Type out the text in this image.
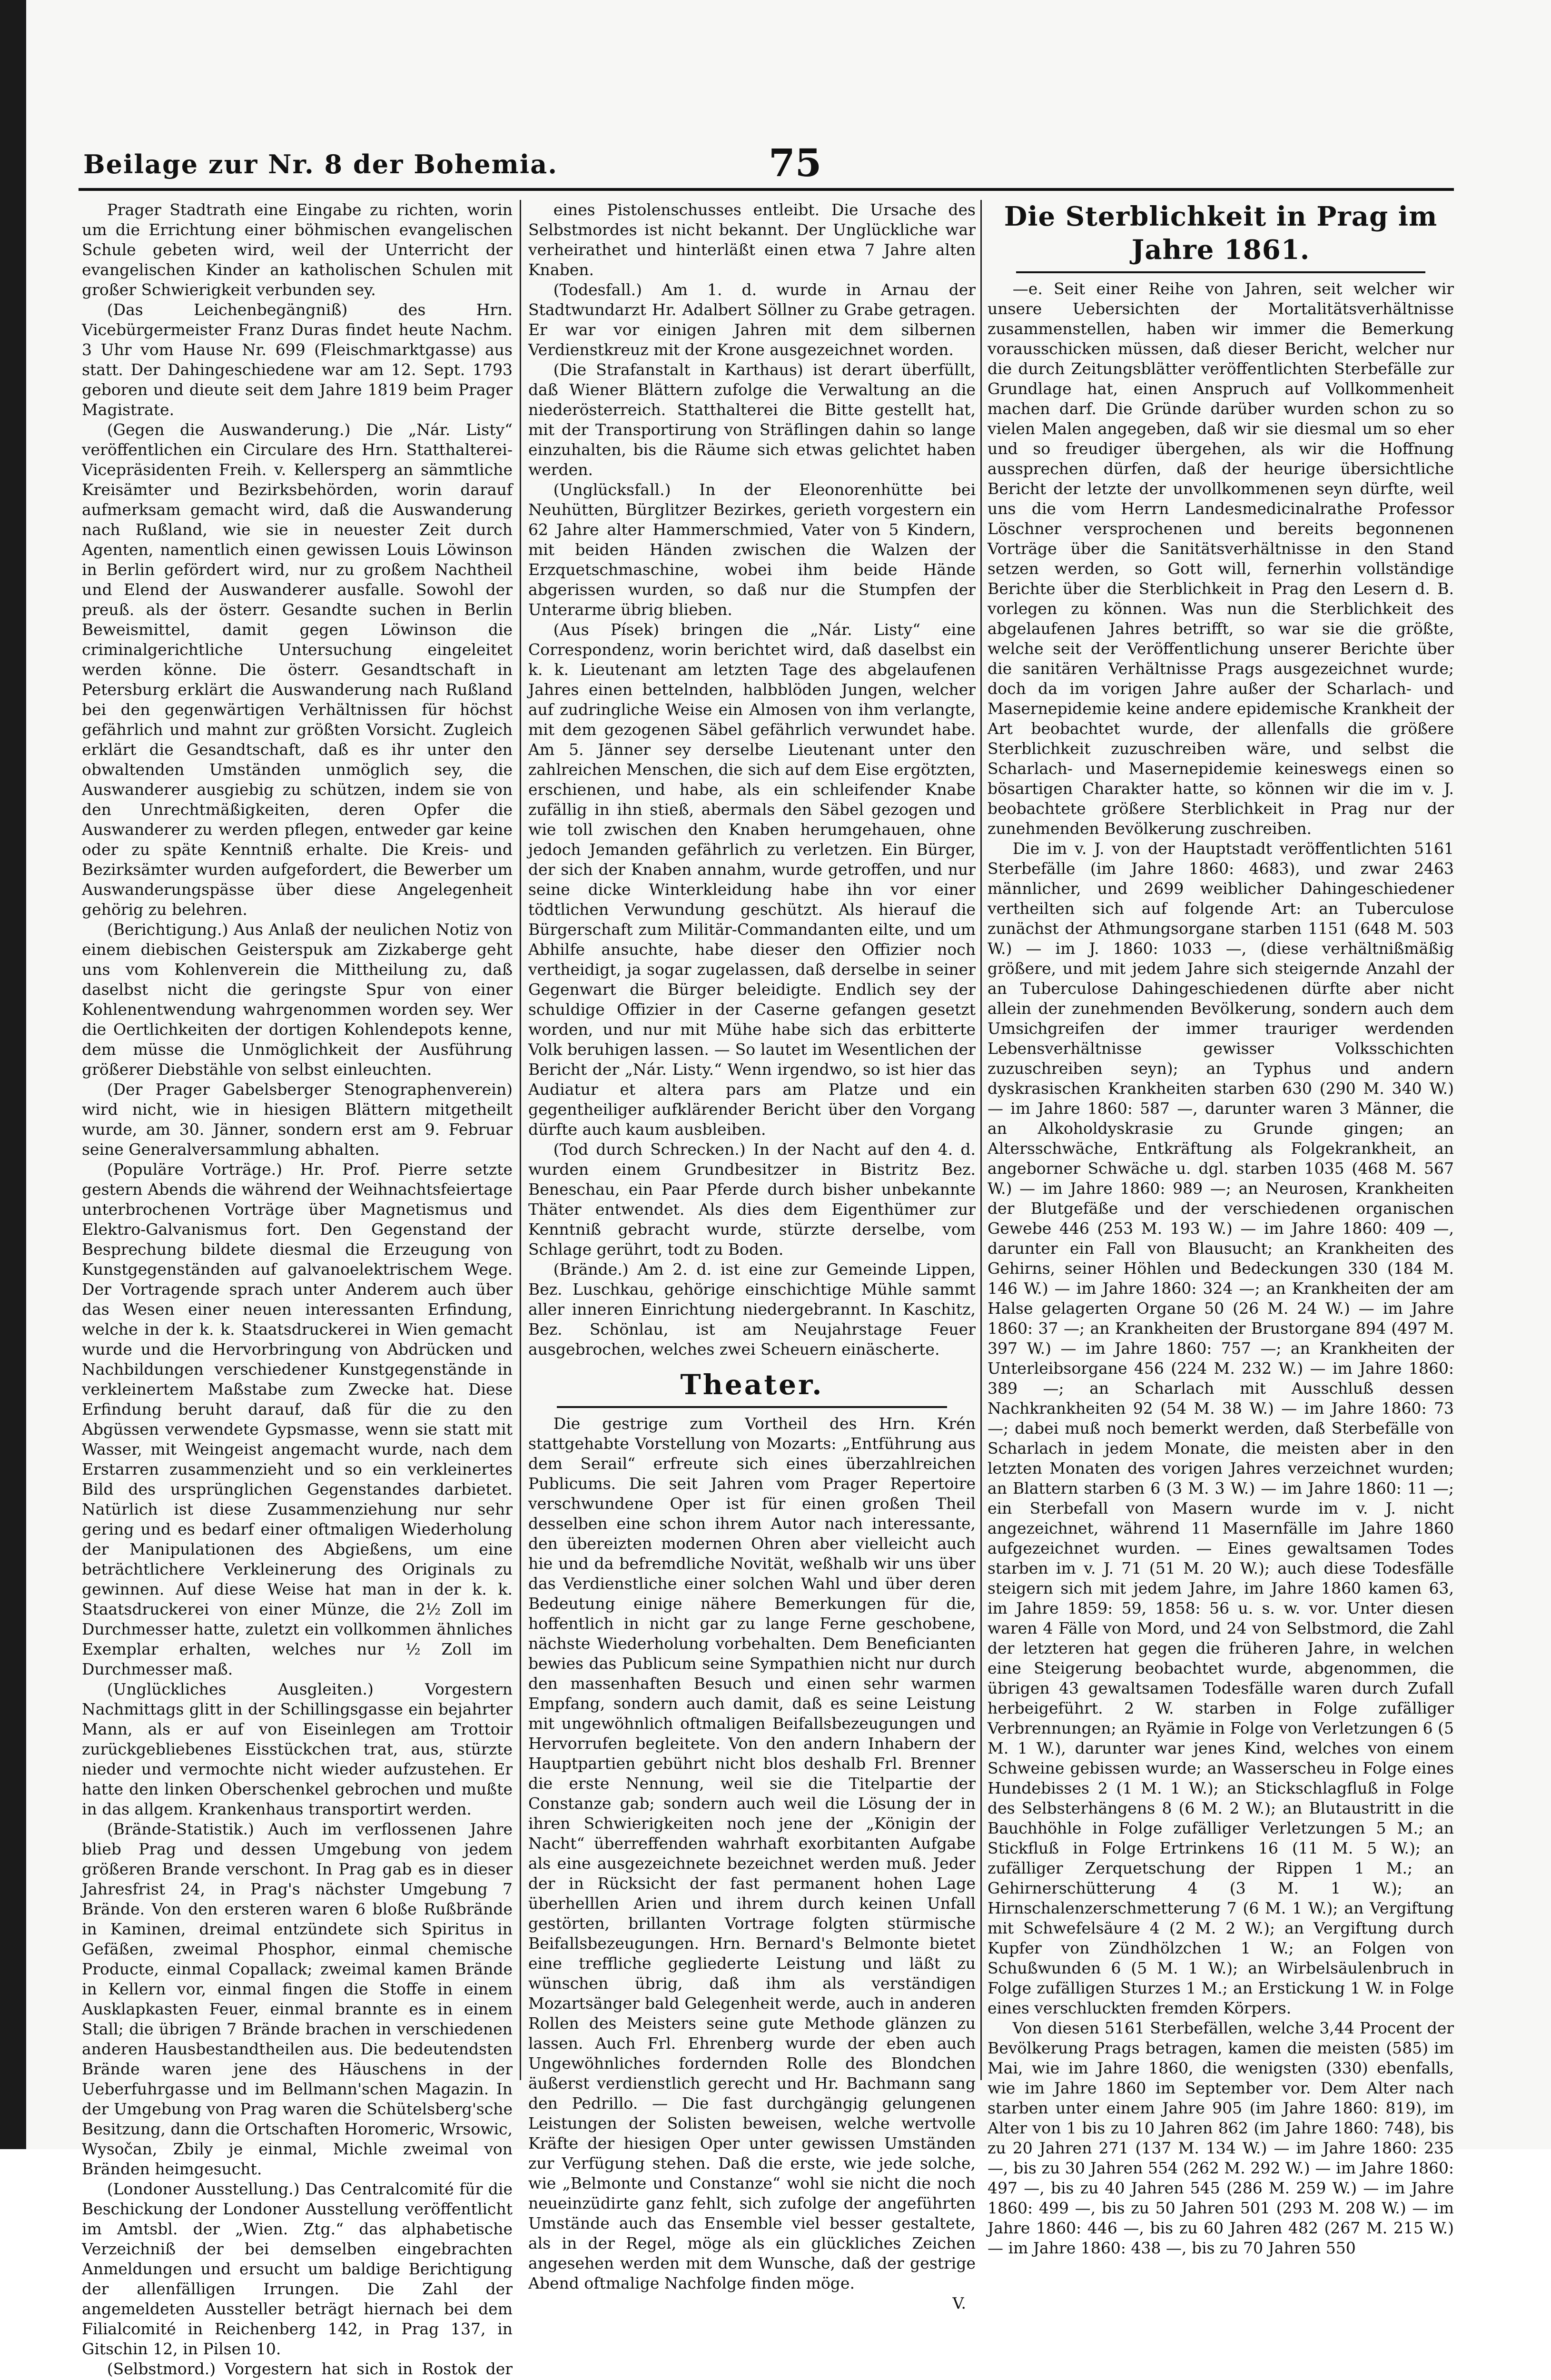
Beilage zur Nr. 8 der Bohemia.	75

Prager Stadtrath eine Eingabe zu richten, worin um die Errichtung einer böhmischen evangelischen Schule gebeten wird, weil der Unterricht der evangelischen Kinder an katholischen Schulen mit großer Schwierigkeit verbunden sey.

(Das Leichenbegängniß) des Hrn. Vicebürgermeister Franz Duras findet heute Nachm. 3 Uhr vom Hause Nr. 699 (Fleischmarktgasse) aus statt. Der Dahingeschiedene war am 12. Sept. 1793 geboren und dieute seit dem Jahre 1819 beim Prager Magistrate.

(Gegen die Auswanderung.) Die „Nár. Listy“ veröffentlichen ein Circulare des Hrn. Statthalterei-Vicepräsidenten Freih. v. Kellersperg an sämmtliche Kreisämter und Bezirksbehörden, worin darauf aufmerksam gemacht wird, daß die Auswanderung nach Rußland, wie sie in neuester Zeit durch Agenten, namentlich einen gewissen Louis Löwinson in Berlin gefördert wird, nur zu großem Nachtheil und Elend der Auswanderer ausfalle. Sowohl der preuß. als der österr. Gesandte suchen in Berlin Beweismittel, damit gegen Löwinson die criminalgerichtliche Untersuchung eingeleitet werden könne. Die österr. Gesandtschaft in Petersburg erklärt die Auswanderung nach Rußland bei den gegenwärtigen Verhältnissen für höchst gefährlich und mahnt zur größten Vorsicht. Zugleich erklärt die Gesandtschaft, daß es ihr unter den obwaltenden Umständen unmöglich sey, die Auswanderer ausgiebig zu schützen, indem sie von den Unrechtmäßigkeiten, deren Opfer die Auswanderer zu werden pflegen, entweder gar keine oder zu späte Kenntniß erhalte. Die Kreis- und Bezirksämter wurden aufgefordert, die Bewerber um Auswanderungspässe über diese Angelegenheit gehörig zu belehren.

(Berichtigung.) Aus Anlaß der neulichen Notiz von einem diebischen Geisterspuk am Zizkaberge geht uns vom Kohlenverein die Mittheilung zu, daß daselbst nicht die geringste Spur von einer Kohlenentwendung wahrgenommen worden sey. Wer die Oertlichkeiten der dortigen Kohlendepots kenne, dem müsse die Unmöglichkeit der Ausführung größerer Diebstähle von selbst einleuchten.

(Der Prager Gabelsberger Stenographenverein) wird nicht, wie in hiesigen Blättern mitgetheilt wurde, am 30. Jänner, sondern erst am 9. Februar seine Generalversammlung abhalten.

(Populäre Vorträge.) Hr. Prof. Pierre setzte gestern Abends die während der Weihnachtsfeiertage unterbrochenen Vorträge über Magnetismus und Elektro-Galvanismus fort. Den Gegenstand der Besprechung bildete diesmal die Erzeugung von Kunstgegenständen auf galvanoelektrischem Wege. Der Vortragende sprach unter Anderem auch über das Wesen einer neuen interessanten Erfindung, welche in der k. k. Staatsdruckerei in Wien gemacht wurde und die Hervorbringung von Abdrücken und Nachbildungen verschiedener Kunstgegenstände in verkleinertem Maßstabe zum Zwecke hat. Diese Erfindung beruht darauf, daß für die zu den Abgüssen verwendete Gypsmasse, wenn sie statt mit Wasser, mit Weingeist angemacht wurde, nach dem Erstarren zusammenzieht und so ein verkleinertes Bild des ursprünglichen Gegenstandes darbietet. Natürlich ist diese Zusammenziehung nur sehr gering und es bedarf einer oftmaligen Wiederholung der Manipulationen des Abgießens, um eine beträchtlichere Verkleinerung des Originals zu gewinnen. Auf diese Weise hat man in der k. k. Staatsdruckerei von einer Münze, die 2½ Zoll im Durchmesser hatte, zuletzt ein vollkommen ähnliches Exemplar erhalten, welches nur ½ Zoll im Durchmesser maß.

(Unglückliches Ausgleiten.) Vorgestern Nachmittags glitt in der Schillingsgasse ein bejahrter Mann, als er auf von Eiseinlegen am Trottoir zurückgebliebenes Eisstückchen trat, aus, stürzte nieder und vermochte nicht wieder aufzustehen. Er hatte den linken Oberschenkel gebrochen und mußte in das allgem. Krankenhaus transportirt werden.

(Brände-Statistik.) Auch im verflossenen Jahre blieb Prag und dessen Umgebung von jedem größeren Brande verschont. In Prag gab es in dieser Jahresfrist 24, in Prag's nächster Umgebung 7 Brände. Von den ersteren waren 6 bloße Rußbrände in Kaminen, dreimal entzündete sich Spiritus in Gefäßen, zweimal Phosphor, einmal chemische Producte, einmal Copallack; zweimal kamen Brände in Kellern vor, einmal fingen die Stoffe in einem Ausklapkasten Feuer, einmal brannte es in einem Stall; die übrigen 7 Brände brachen in verschiedenen anderen Hausbestandtheilen aus. Die bedeutendsten Brände waren jene des Häuschens in der Ueberfuhrgasse und im Bellmann'schen Magazin. In der Umgebung von Prag waren die Schütelsberg'sche Besitzung, dann die Ortschaften Horomeric, Wrsowic, Wysočan, Zbily je einmal, Michle zweimal von Bränden heimgesucht.

(Londoner Ausstellung.) Das Centralcomité für die Beschickung der Londoner Ausstellung veröffentlicht im Amtsbl. der „Wien. Ztg.“ das alphabetische Verzeichniß der bei demselben eingebrachten Anmeldungen und ersucht um baldige Berichtigung der allenfälligen Irrungen. Die Zahl der angemeldeten Aussteller beträgt hiernach bei dem Filialcomité in Reichenberg 142, in Prag 137, in Gitschin 12, in Pilsen 10.

(Selbstmord.) Vorgestern hat sich in Rostok der

eines Pistolenschusses entleibt. Die Ursache des Selbstmordes ist nicht bekannt. Der Unglückliche war verheirathet und hinterläßt einen etwa 7 Jahre alten Knaben.

(Todesfall.) Am 1. d. wurde in Arnau der Stadtwundarzt Hr. Adalbert Söllner zu Grabe getragen. Er war vor einigen Jahren mit dem silbernen Verdienstkreuz mit der Krone ausgezeichnet worden.

(Die Strafanstalt in Karthaus) ist derart überfüllt, daß Wiener Blättern zufolge die Verwaltung an die niederösterreich. Statthalterei die Bitte gestellt hat, mit der Transportirung von Sträflingen dahin so lange einzuhalten, bis die Räume sich etwas gelichtet haben werden.

(Unglücksfall.) In der Eleonorenhütte bei Neuhütten, Bürglitzer Bezirkes, gerieth vorgestern ein 62 Jahre alter Hammerschmied, Vater von 5 Kindern, mit beiden Händen zwischen die Walzen der Erzquetschmaschine, wobei ihm beide Hände abgerissen wurden, so daß nur die Stumpfen der Unterarme übrig blieben.

(Aus Písek) bringen die „Nár. Listy“ eine Correspondenz, worin berichtet wird, daß daselbst ein k. k. Lieutenant am letzten Tage des abgelaufenen Jahres einen bettelnden, halbblöden Jungen, welcher auf zudringliche Weise ein Almosen von ihm verlangte, mit dem gezogenen Säbel gefährlich verwundet habe. Am 5. Jänner sey derselbe Lieutenant unter den zahlreichen Menschen, die sich auf dem Eise ergötzten, erschienen, und habe, als ein schleifender Knabe zufällig in ihn stieß, abermals den Säbel gezogen und wie toll zwischen den Knaben herumgehauen, ohne jedoch Jemanden gefährlich zu verletzen. Ein Bürger, der sich der Knaben annahm, wurde getroffen, und nur seine dicke Winterkleidung habe ihn vor einer tödtlichen Verwundung geschützt. Als hierauf die Bürgerschaft zum Militär-Commandanten eilte, und um Abhilfe ansuchte, habe dieser den Offizier noch vertheidigt, ja sogar zugelassen, daß derselbe in seiner Gegenwart die Bürger beleidigte. Endlich sey der schuldige Offizier in der Caserne gefangen gesetzt worden, und nur mit Mühe habe sich das erbitterte Volk beruhigen lassen. — So lautet im Wesentlichen der Bericht der „Nár. Listy.“ Wenn irgendwo, so ist hier das Audiatur et altera pars am Platze und ein gegentheiliger aufklärender Bericht über den Vorgang dürfte auch kaum ausbleiben.

(Tod durch Schrecken.) In der Nacht auf den 4. d. wurden einem Grundbesitzer in Bistritz Bez. Beneschau, ein Paar Pferde durch bisher unbekannte Thäter entwendet. Als dies dem Eigenthümer zur Kenntniß gebracht wurde, stürzte derselbe, vom Schlage gerührt, todt zu Boden.

(Brände.) Am 2. d. ist eine zur Gemeinde Lippen, Bez. Luschkau, gehörige einschichtige Mühle sammt aller inneren Einrichtung niedergebrannt. In Kaschitz, Bez. Schönlau, ist am Neujahrstage Feuer ausgebrochen, welches zwei Scheuern einäscherte.

Theater.

Die gestrige zum Vortheil des Hrn. Krén stattgehabte Vorstellung von Mozarts: „Entführung aus dem Serail“ erfreute sich eines überzahlreichen Publicums. Die seit Jahren vom Prager Repertoire verschwundene Oper ist für einen großen Theil desselben eine schon ihrem Autor nach interessante, den übereizten modernen Ohren aber vielleicht auch hie und da befremdliche Novität, weßhalb wir uns über das Verdienstliche einer solchen Wahl und über deren Bedeutung einige nähere Bemerkungen für die, hoffentlich in nicht gar zu lange Ferne geschobene, nächste Wiederholung vorbehalten. Dem Beneficianten bewies das Publicum seine Sympathien nicht nur durch den massenhaften Besuch und einen sehr warmen Empfang, sondern auch damit, daß es seine Leistung mit ungewöhnlich oftmaligen Beifallsbezeugungen und Hervorrufen begleitete. Von den andern Inhabern der Hauptpartien gebührt nicht blos deshalb Frl. Brenner die erste Nennung, weil sie die Titelpartie der Constanze gab; sondern auch weil die Lösung der in ihren Schwierigkeiten noch jene der „Königin der Nacht“ überreffenden wahrhaft exorbitanten Aufgabe als eine ausgezeichnete bezeichnet werden muß. Jeder der in Rücksicht der fast permanent hohen Lage überhelllen Arien und ihrem durch keinen Unfall gestörten, brillanten Vortrage folgten stürmische Beifallsbezeugungen. Hrn. Bernard's Belmonte bietet eine treffliche gegliederte Leistung und läßt zu wünschen übrig, daß ihm als verständigen Mozartsänger bald Gelegenheit werde, auch in anderen Rollen des Meisters seine gute Methode glänzen zu lassen. Auch Frl. Ehrenberg wurde der eben auch Ungewöhnliches fordernden Rolle des Blondchen äußerst verdienstlich gerecht und Hr. Bachmann sang den Pedrillo. — Die fast durchgängig gelungenen Leistungen der Solisten beweisen, welche wertvolle Kräfte der hiesigen Oper unter gewissen Umständen zur Verfügung stehen. Daß die erste, wie jede solche, wie „Belmonte und Constanze“ wohl sie nicht die noch neueinzüdirte ganz fehlt, sich zufolge der angeführten Umstände auch das Ensemble viel besser gestaltete, als in der Regel, möge als ein glückliches Zeichen angesehen werden mit dem Wunsche, daß der gestrige Abend oftmalige Nachfolge finden möge.

V.
Die Sterblichkeit in Prag im Jahre 1861.

—e. Seit einer Reihe von Jahren, seit welcher wir unsere Uebersichten der Mortalitätsverhältnisse zusammenstellen, haben wir immer die Bemerkung vorausschicken müssen, daß dieser Bericht, welcher nur die durch Zeitungsblätter veröffentlichten Sterbefälle zur Grundlage hat, einen Anspruch auf Vollkommenheit machen darf. Die Gründe darüber wurden schon zu so vielen Malen angegeben, daß wir sie diesmal um so eher und so freudiger übergehen, als wir die Hoffnung aussprechen dürfen, daß der heurige übersichtliche Bericht der letzte der unvollkommenen seyn dürfte, weil uns die vom Herrn Landesmedicinalrathe Professor Löschner versprochenen und bereits begonnenen Vorträge über die Sanitätsverhältnisse in den Stand setzen werden, so Gott will, fernerhin vollständige Berichte über die Sterblichkeit in Prag den Lesern d. B. vorlegen zu können. Was nun die Sterblichkeit des abgelaufenen Jahres betrifft, so war sie die größte, welche seit der Veröffentlichung unserer Berichte über die sanitären Verhältnisse Prags ausgezeichnet wurde; doch da im vorigen Jahre außer der Scharlach- und Masernepidemie keine andere epidemische Krankheit der Art beobachtet wurde, der allenfalls die größere Sterblichkeit zuzuschreiben wäre, und selbst die Scharlach- und Masernepidemie keineswegs einen so bösartigen Charakter hatte, so können wir die im v. J. beobachtete größere Sterblichkeit in Prag nur der zunehmenden Bevölkerung zuschreiben.

Die im v. J. von der Hauptstadt veröffentlichten 5161 Sterbefälle (im Jahre 1860: 4683), und zwar 2463 männlicher, und 2699 weiblicher Dahingeschiedener vertheilten sich auf folgende Art: an Tuberculose zunächst der Athmungsorgane starben 1151 (648 M. 503 W.) — im J. 1860: 1033 —, (diese verhältnißmäßig größere, und mit jedem Jahre sich steigernde Anzahl der an Tuberculose Dahingeschiedenen dürfte aber nicht allein der zunehmenden Bevölkerung, sondern auch dem Umsichgreifen der immer trauriger werdenden Lebensverhältnisse gewisser Volksschichten zuzuschreiben seyn); an Typhus und andern dyskrasischen Krankheiten starben 630 (290 M. 340 W.) — im Jahre 1860: 587 —, darunter waren 3 Männer, die an Alkoholdyskrasie zu Grunde gingen; an Altersschwäche, Entkräftung als Folgekrankheit, an angeborner Schwäche u. dgl. starben 1035 (468 M. 567 W.) — im Jahre 1860: 989 —; an Neurosen, Krankheiten der Blutgefäße und der verschiedenen organischen Gewebe 446 (253 M. 193 W.) — im Jahre 1860: 409 —, darunter ein Fall von Blausucht; an Krankheiten des Gehirns, seiner Höhlen und Bedeckungen 330 (184 M. 146 W.) — im Jahre 1860: 324 —; an Krankheiten der am Halse gelagerten Organe 50 (26 M. 24 W.) — im Jahre 1860: 37 —; an Krankheiten der Brustorgane 894 (497 M. 397 W.) — im Jahre 1860: 757 —; an Krankheiten der Unterleibsorgane 456 (224 M. 232 W.) — im Jahre 1860: 389 —; an Scharlach mit Ausschluß dessen Nachkrankheiten 92 (54 M. 38 W.) — im Jahre 1860: 73 —; dabei muß noch bemerkt werden, daß Sterbefälle von Scharlach in jedem Monate, die meisten aber in den letzten Monaten des vorigen Jahres verzeichnet wurden; an Blattern starben 6 (3 M. 3 W.) — im Jahre 1860: 11 —; ein Sterbefall von Masern wurde im v. J. nicht angezeichnet, während 11 Masernfälle im Jahre 1860 aufgezeichnet wurden. — Eines gewaltsamen Todes starben im v. J. 71 (51 M. 20 W.); auch diese Todesfälle steigern sich mit jedem Jahre, im Jahre 1860 kamen 63, im Jahre 1859: 59, 1858: 56 u. s. w. vor. Unter diesen waren 4 Fälle von Mord, und 24 von Selbstmord, die Zahl der letzteren hat gegen die früheren Jahre, in welchen eine Steigerung beobachtet wurde, abgenommen, die übrigen 43 gewaltsamen Todesfälle waren durch Zufall herbeigeführt. 2 W. starben in Folge zufälliger Verbrennungen; an Ryämie in Folge von Verletzungen 6 (5 M. 1 W.), darunter war jenes Kind, welches von einem Schweine gebissen wurde; an Wasserscheu in Folge eines Hundebisses 2 (1 M. 1 W.); an Stickschlagfluß in Folge des Selbsterhängens 8 (6 M. 2 W.); an Blutaustritt in die Bauchhöhle in Folge zufälliger Verletzungen 5 M.; an Stickfluß in Folge Ertrinkens 16 (11 M. 5 W.); an zufälliger Zerquetschung der Rippen 1 M.; an Gehirnerschütterung 4 (3 M. 1 W.); an Hirnschalenzerschmetterung 7 (6 M. 1 W.); an Vergiftung mit Schwefelsäure 4 (2 M. 2 W.); an Vergiftung durch Kupfer von Zündhölzchen 1 W.; an Folgen von Schußwunden 6 (5 M. 1 W.); an Wirbelsäulenbruch in Folge zufälligen Sturzes 1 M.; an Erstickung 1 W. in Folge eines verschluckten fremden Körpers.

Von diesen 5161 Sterbefällen, welche 3,44 Procent der Bevölkerung Prags betragen, kamen die meisten (585) im Mai, wie im Jahre 1860, die wenigsten (330) ebenfalls, wie im Jahre 1860 im September vor. Dem Alter nach starben unter einem Jahre 905 (im Jahre 1860: 819), im Alter von 1 bis zu 10 Jahren 862 (im Jahre 1860: 748), bis zu 20 Jahren 271 (137 M. 134 W.) — im Jahre 1860: 235 —, bis zu 30 Jahren 554 (262 M. 292 W.) — im Jahre 1860: 497 —, bis zu 40 Jahren 545 (286 M. 259 W.) — im Jahre 1860: 499 —, bis zu 50 Jahren 501 (293 M. 208 W.) — im Jahre 1860: 446 —, bis zu 60 Jahren 482 (267 M. 215 W.) — im Jahre 1860: 438 —, bis zu 70 Jahren 550
